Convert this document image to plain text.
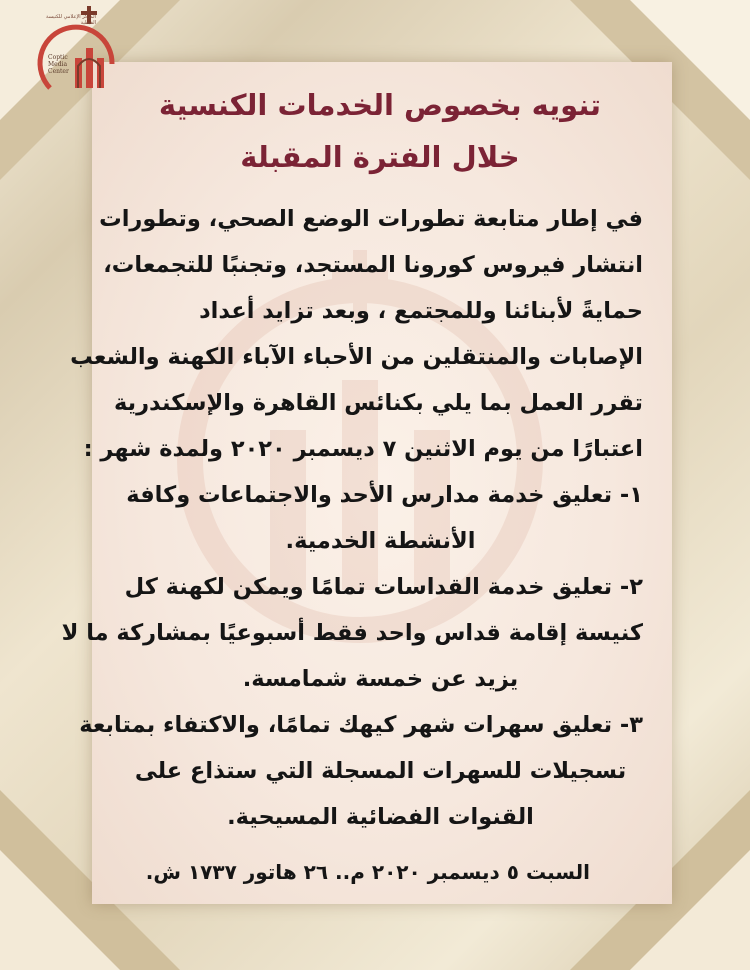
المركز الإعلامي للكنيسة القبطية
Coptic Media Center
تنويه بخصوص الخدمات الكنسية
خلال الفترة المقبلة
في إطار متابعة تطورات الوضع الصحي، وتطورات
انتشار فيروس كورونا المستجد، وتجنبًا للتجمعات،
حمايةً لأبنائنا وللمجتمع ، وبعد تزايد أعداد
الإصابات والمنتقلين من الأحباء الآباء الكهنة والشعب
تقرر العمل بما يلي بكنائس القاهرة والإسكندرية
اعتبارًا من يوم الاثنين ٧ ديسمبر ٢٠٢٠ ولمدة شهر :
١- تعليق خدمة مدارس الأحد والاجتماعات وكافة
الأنشطة الخدمية.
٢- تعليق خدمة القداسات تمامًا ويمكن لكهنة كل
كنيسة إقامة قداس واحد فقط أسبوعيًا بمشاركة ما لا
يزيد عن خمسة شمامسة.
٣- تعليق سهرات شهر كيهك تمامًا، والاكتفاء بمتابعة
تسجيلات للسهرات المسجلة التي ستذاع على
القنوات الفضائية المسيحية.
السبت ٥ ديسمبر ٢٠٢٠ م.. ٢٦ هاتور ١٧٣٧ ش.
